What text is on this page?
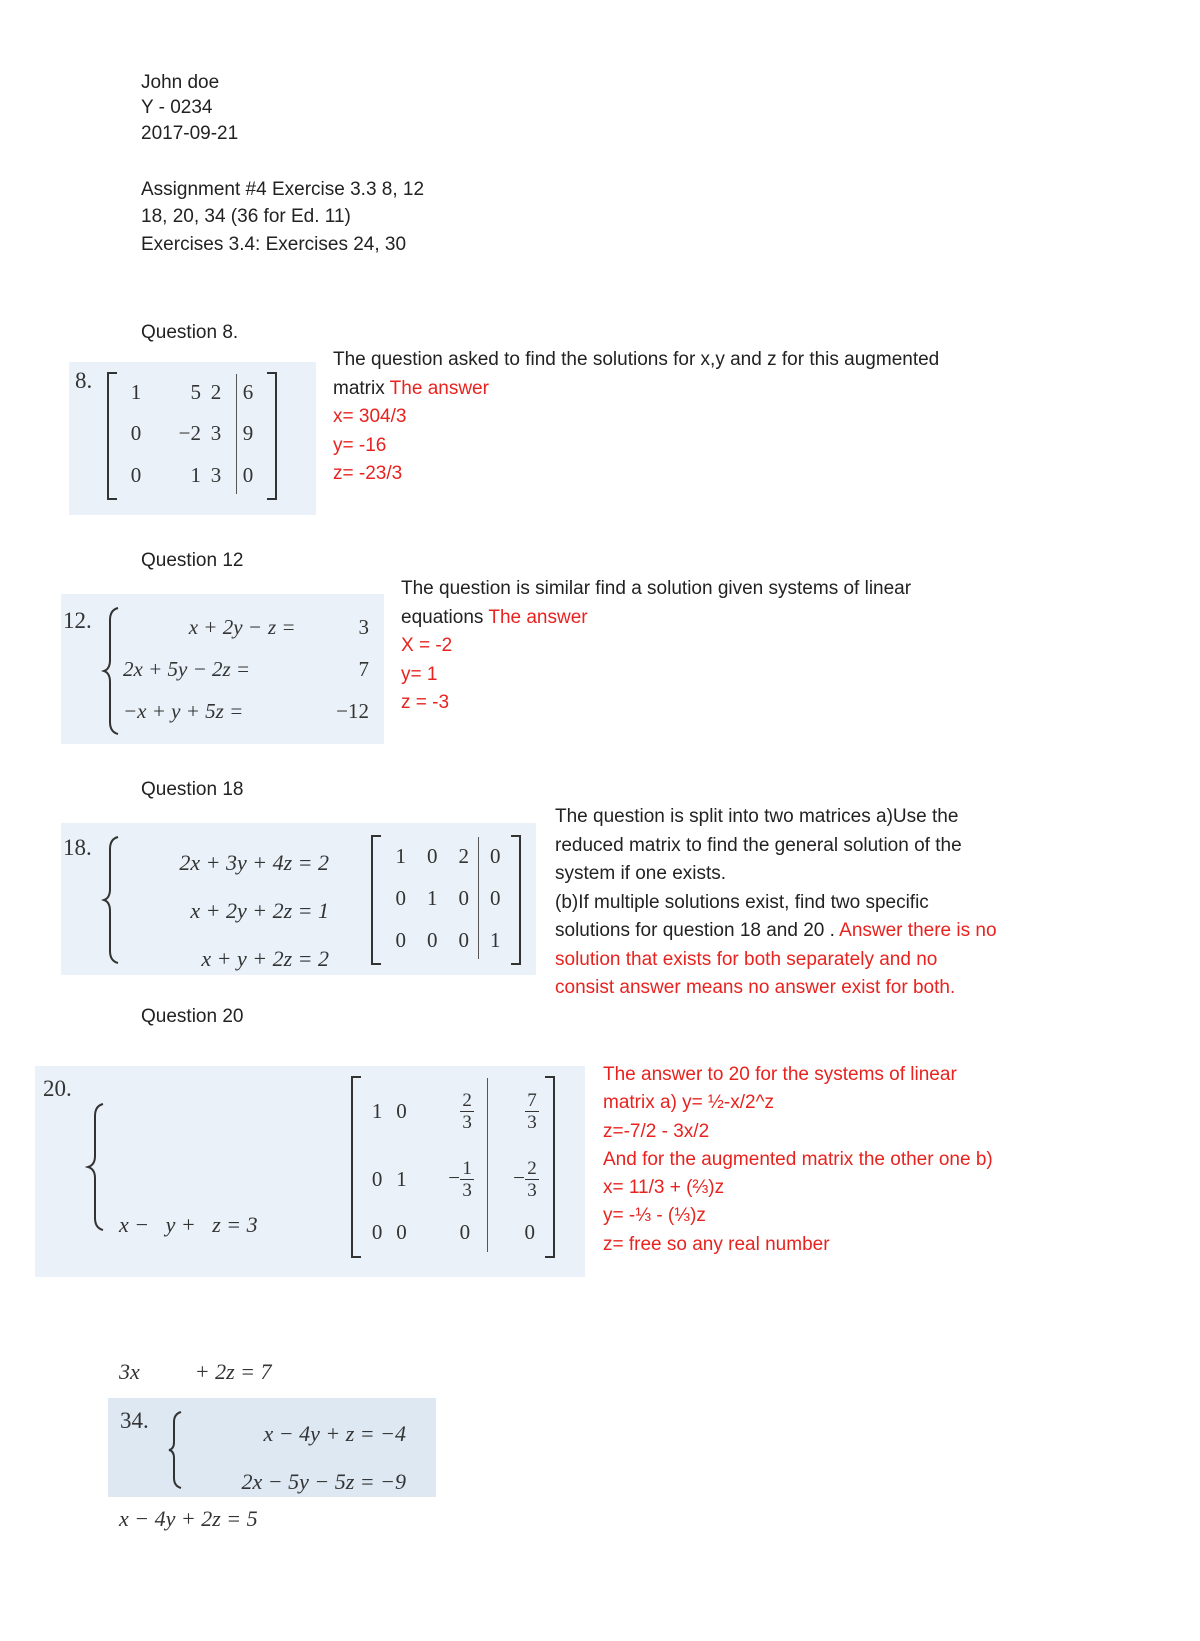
John doe
Y - 0234
2017-09-21
Assignment #4 Exercise 3.3 8, 12
18, 20, 34 (36 for Ed. 11)
Exercises 3.4: Exercises 24, 30
Question 8.
8. 1	5	2	6
0	−2	3	9
0	1	3	0
The question asked to find the solutions for x,y and z for this augmented
matrix The answer
x= 304/3
y= -16
z= -23/3
Question 12
12.	x + 2y −	z =	3
2x + 5y − 2z =		7
−x + y + 5z =		−12
The question is similar find a solution given systems of linear
equations The answer
X = -2
y= 1
z = -3
Question 18
18.
2x + 3y + 4z = 2
x + 2y + 2z = 1
x + y + 2z = 2
1	0	2	0
0	1	0	0
0	0	0	1
The question is split into two matrices a)Use the
reduced matrix to find the general solution of the
system if one exists.
(b)If multiple solutions exist, find two specific
solutions for question 18 and 20 . Answer there is no
solution that exists for both separately and no
consist answer means no answer exist for both.
Question 20
20.

x −   y +   z = 3

3x          + 2z = 7

x − 4y + 2z = 5

1	0	$\frac{2}{3}$	$\frac{7}{3}$

0	1	− $\frac{1}{3}$	− $\frac{2}{3}$

0	0	0	0
The answer to 20 for the systems of linear
matrix a) y= ½-x/2^z
z=-7/2 - 3x/2
And for the augmented matrix the other one b)
x= 11/3 + (⅔)z
y= -⅓ - (⅓)z
z= free so any real number
34.
x − 4y + z = −4
2x − 5y − 5z = −9
